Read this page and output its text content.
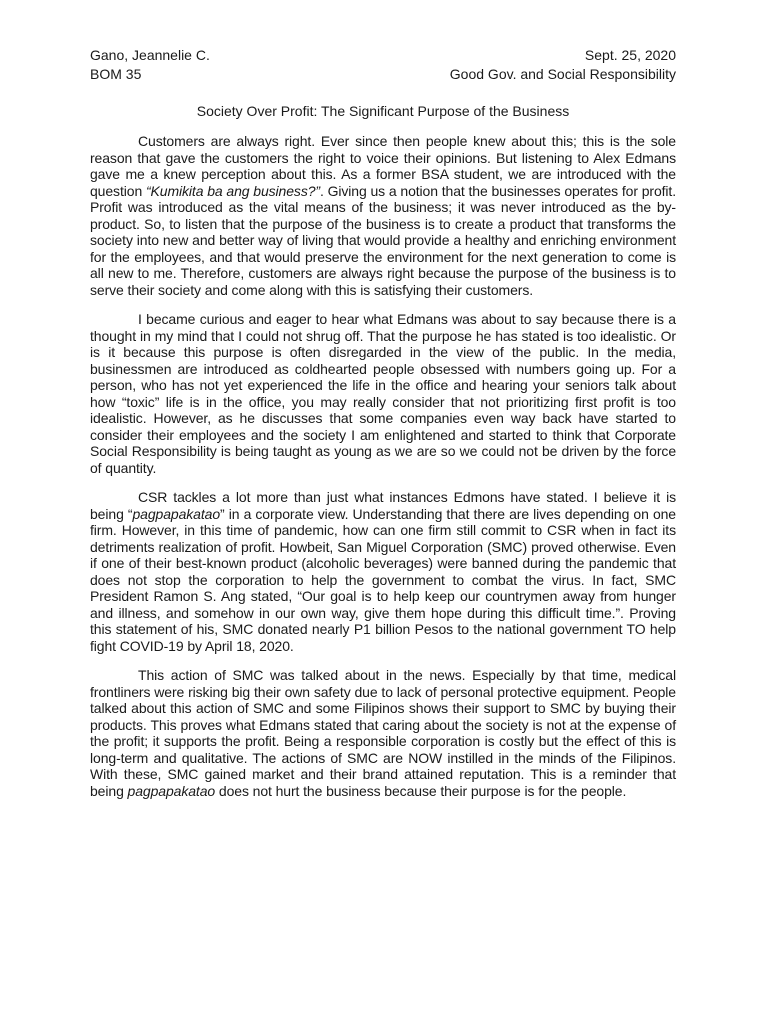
Gano, Jeannelie C.
BOM 35
Sept. 25, 2020
Good Gov. and Social Responsibility
Society Over Profit: The Significant Purpose of the Business

Customers are always right. Ever since then people knew about this; this is the sole reason that gave the customers the right to voice their opinions. But listening to Alex Edmans gave me a knew perception about this. As a former BSA student, we are introduced with the question “Kumikita ba ang business?”. Giving us a notion that the businesses operates for profit. Profit was introduced as the vital means of the business; it was never introduced as the by-product. So, to listen that the purpose of the business is to create a product that transforms the society into new and better way of living that would provide a healthy and enriching environment for the employees, and that would preserve the environment for the next generation to come is all new to me. Therefore, customers are always right because the purpose of the business is to serve their society and come along with this is satisfying their customers.

I became curious and eager to hear what Edmans was about to say because there is a thought in my mind that I could not shrug off. That the purpose he has stated is too idealistic. Or is it because this purpose is often disregarded in the view of the public. In the media, businessmen are introduced as coldhearted people obsessed with numbers going up. For a person, who has not yet experienced the life in the office and hearing your seniors talk about how “toxic” life is in the office, you may really consider that not prioritizing first profit is too idealistic. However, as he discusses that some companies even way back have started to consider their employees and the society I am enlightened and started to think that Corporate Social Responsibility is being taught as young as we are so we could not be driven by the force of quantity.

CSR tackles a lot more than just what instances Edmons have stated. I believe it is being “pagpapakatao” in a corporate view. Understanding that there are lives depending on one firm. However, in this time of pandemic, how can one firm still commit to CSR when in fact its detriments realization of profit. Howbeit, San Miguel Corporation (SMC) proved otherwise. Even if one of their best-known product (alcoholic beverages) were banned during the pandemic that does not stop the corporation to help the government to combat the virus. In fact, SMC President Ramon S. Ang stated, “Our goal is to help keep our countrymen away from hunger and illness, and somehow in our own way, give them hope during this difficult time.”. Proving this statement of his, SMC donated nearly P1 billion Pesos to the national government TO help fight COVID-19 by April 18, 2020.

This action of SMC was talked about in the news. Especially by that time, medical frontliners were risking big their own safety due to lack of personal protective equipment. People talked about this action of SMC and some Filipinos shows their support to SMC by buying their products. This proves what Edmans stated that caring about the society is not at the expense of the profit; it supports the profit. Being a responsible corporation is costly but the effect of this is long-term and qualitative. The actions of SMC are NOW instilled in the minds of the Filipinos. With these, SMC gained market and their brand attained reputation. This is a reminder that being pagpapakatao does not hurt the business because their purpose is for the people.
